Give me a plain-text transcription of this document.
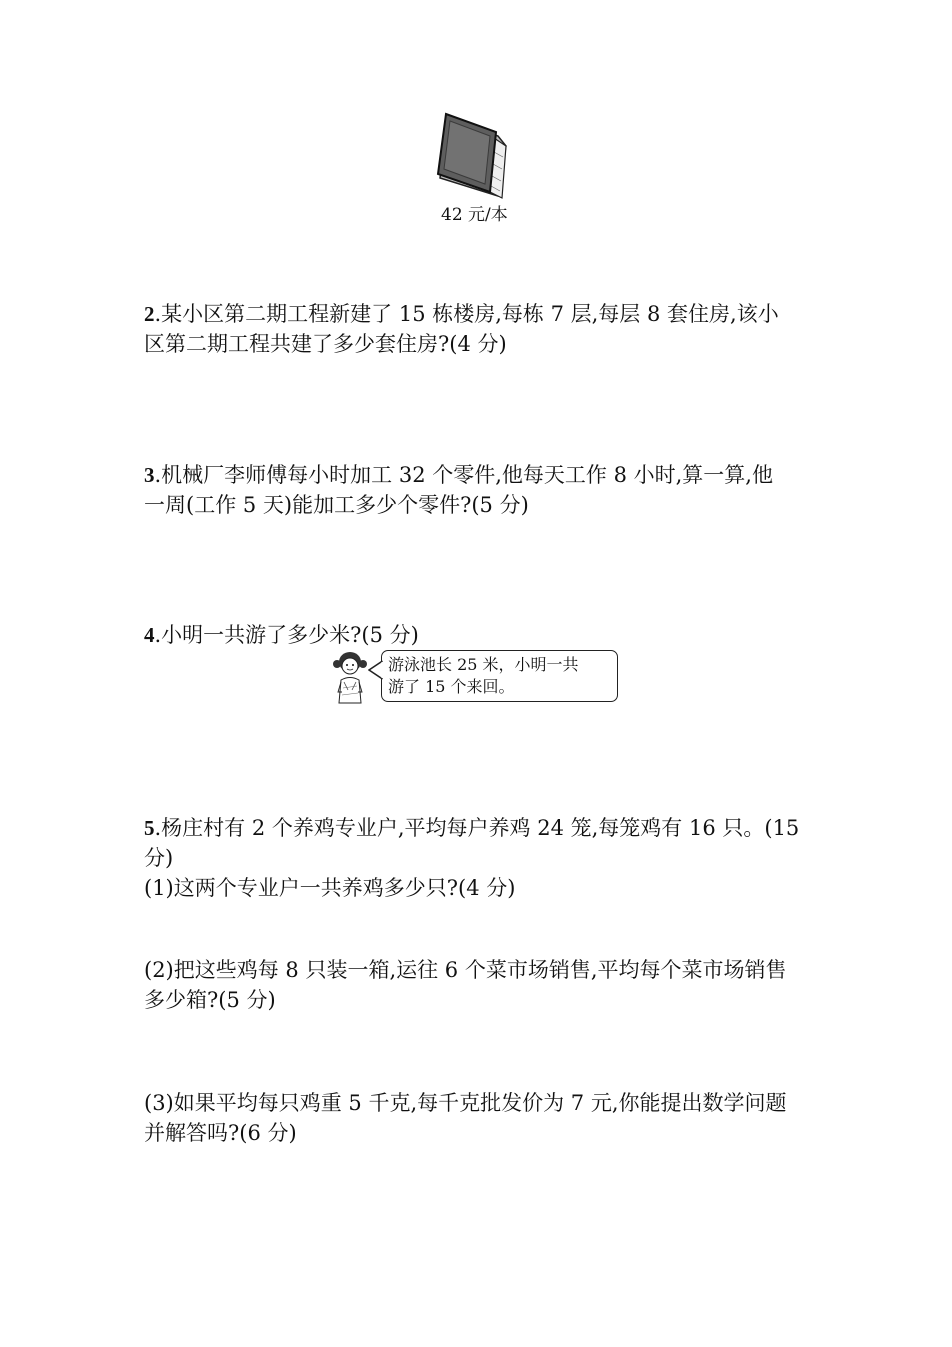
42 元/本
2.某小区第二期工程新建了 15 栋楼房,每栋 7 层,每层 8 套住房,该小
区第二期工程共建了多少套住房?(4 分)
3.机械厂李师傅每小时加工 32 个零件,他每天工作 8 小时,算一算,他
一周(工作 5 天)能加工多少个零件?(5 分)
4.小明一共游了多少米?(5 分)
游泳池长 25 米，小明一共
游了 15 个来回。
5.杨庄村有 2 个养鸡专业户,平均每户养鸡 24 笼,每笼鸡有 16 只。(15
分)
(1)这两个专业户一共养鸡多少只?(4 分)
(2)把这些鸡每 8 只装一箱,运往 6 个菜市场销售,平均每个菜市场销售
多少箱?(5 分)
(3)如果平均每只鸡重 5 千克,每千克批发价为 7 元,你能提出数学问题
并解答吗?(6 分)
